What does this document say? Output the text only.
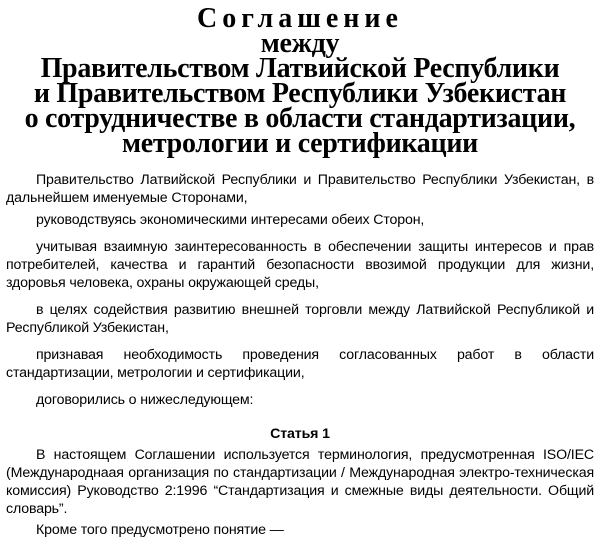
Соглашение
между
Правительством Латвийской Республики
и Правительством Республики Узбекистан
о сотрудничестве в области стандартизации,
метрологии и сертификации

Правительство Латвийской Республики и Правительство Республики Узбекистан, в дальнейшем именуемые Сторонами,

руководствуясь экономическими интересами обеих Сторон,

учитывая взаимную заинтересованность в обеспечении защиты интересов и прав потребителей, качества и гарантий безопасности ввозимой продукции для жизни, здоровья человека, охраны окружающей среды,

в целях содействия развитию внешней торговли между Латвийской Республикой и Республикой Узбекистан,

признавая необходимость проведения согласованных работ в области стандартизации, метрологии и сертификации,

договорились о нижеследующем:

Статья 1

В настоящем Соглашении используется терминология, предусмотренная ISO/IEC (Международнаая организация по стандартизации / Международная электро-техническая комиссия) Руководство 2:1996 “Стандартизация и смежные виды деятельности. Общий словарь”.

Кроме того предусмотрено понятие —
